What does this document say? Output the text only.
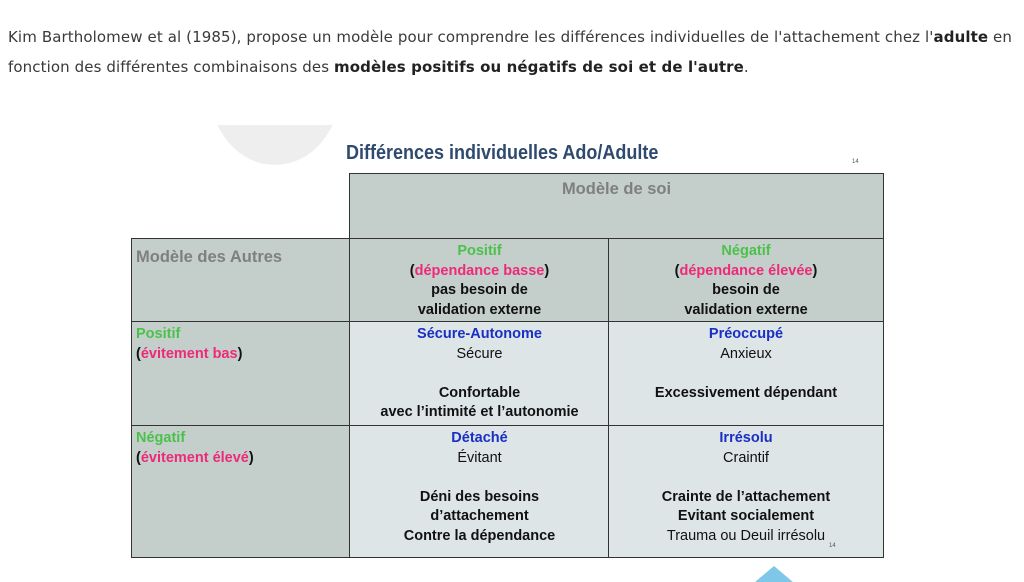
Kim Bartholomew et al (1985), propose un modèle pour comprendre les différences individuelles de l'attachement chez l'adulte en fonction des différentes combinaisons des modèles positifs ou négatifs de soi et de l'autre.

Différences individuelles Ado/Adulte	14
Modèle de soi
Modèle des Autres	Positif
(dépendance basse)
pas besoin de
validation externe
Négatif
(dépendance élevée)
besoin de
validation externe
Positif
(évitement bas)
Sécure-Autonome
Sécure
Confortable
avec l’intimité et l’autonomie
Préoccupé
Anxieux
Excessivement dépendant
Négatif
(évitement élevé)
Détaché
Évitant
Déni des besoins
d’attachement
Contre la dépendance
Irrésolu
Craintif
Crainte de l’attachement
Evitant socialement
Trauma ou Deuil irrésolu
14
